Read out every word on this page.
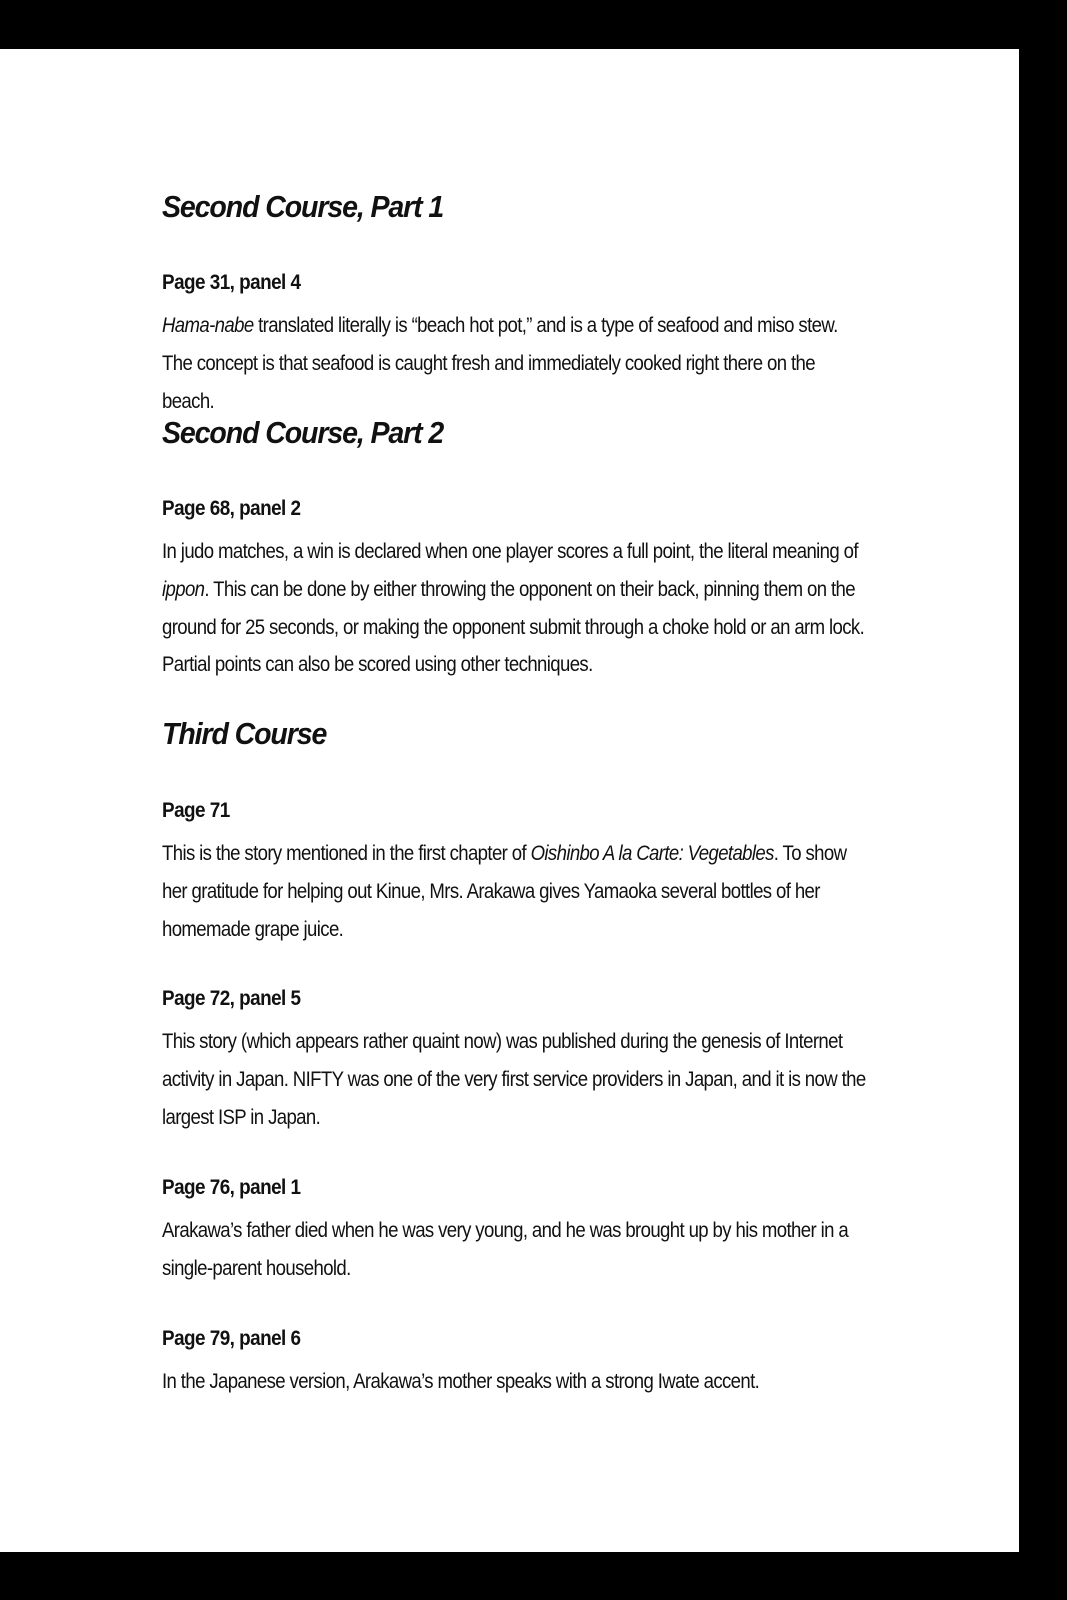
Second Course, Part 1
Page 31, panel 4

Hama-nabe translated literally is “beach hot pot,” and is a type of seafood and miso stew. The concept is that seafood is caught fresh and immediately cooked right there on the beach.

Second Course, Part 2
Page 68, panel 2

In judo matches, a win is declared when one player scores a full point, the literal meaning of ippon. This can be done by either throwing the opponent on their back, pinning them on the ground for 25 seconds, or making the opponent submit through a choke hold or an arm lock. Partial points can also be scored using other techniques.

Third Course
Page 71

This is the story mentioned in the first chapter of Oishinbo A la Carte: Vegetables. To show her gratitude for helping out Kinue, Mrs. Arakawa gives Yamaoka several bottles of her homemade grape juice.

Page 72, panel 5

This story (which appears rather quaint now) was published during the genesis of Internet activity in Japan. NIFTY was one of the very first service providers in Japan, and it is now the largest ISP in Japan.

Page 76, panel 1

Arakawa’s father died when he was very young, and he was brought up by his mother in a single-parent household.

Page 79, panel 6

In the Japanese version, Arakawa’s mother speaks with a strong Iwate accent.
